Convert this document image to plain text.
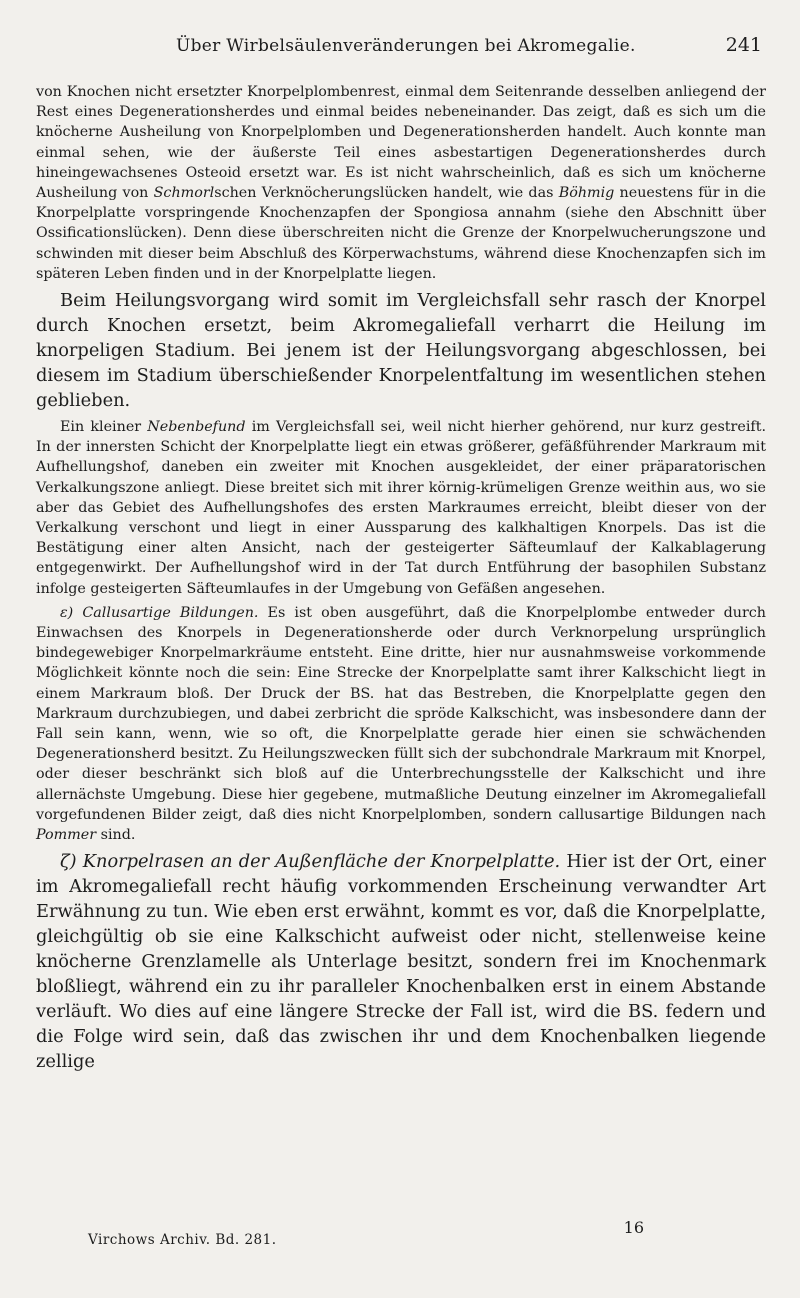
Über Wirbelsäulenveränderungen bei Akromegalie.	241

von Knochen nicht ersetzter Knorpelplombenrest, einmal dem Seitenrande desselben anliegend der Rest eines Degenerationsherdes und einmal beides nebeneinander. Das zeigt, daß es sich um die knöcherne Ausheilung von Knorpelplomben und Degenerationsherden handelt. Auch konnte man einmal sehen, wie der äußerste Teil eines asbestartigen Degenerationsherdes durch hineingewachsenes Osteoid ersetzt war. Es ist nicht wahrscheinlich, daß es sich um knöcherne Ausheilung von Schmorlschen Verknöcherungslücken handelt, wie das Böhmig neuestens für in die Knorpelplatte vorspringende Knochenzapfen der Spongiosa annahm (siehe den Abschnitt über Ossificationslücken). Denn diese überschreiten nicht die Grenze der Knorpelwucherungszone und schwinden mit dieser beim Abschluß des Körperwachstums, während diese Knochenzapfen sich im späteren Leben finden und in der Knorpelplatte liegen.

Beim Heilungsvorgang wird somit im Vergleichsfall sehr rasch der Knorpel durch Knochen ersetzt, beim Akromegaliefall verharrt die Heilung im knorpeligen Stadium. Bei jenem ist der Heilungsvorgang abgeschlossen, bei diesem im Stadium überschießender Knorpelentfaltung im wesentlichen stehen geblieben.

Ein kleiner Nebenbefund im Vergleichsfall sei, weil nicht hierher gehörend, nur kurz gestreift. In der innersten Schicht der Knorpelplatte liegt ein etwas größerer, gefäßführender Markraum mit Aufhellungshof, daneben ein zweiter mit Knochen ausgekleidet, der einer präparatorischen Verkalkungszone anliegt. Diese breitet sich mit ihrer körnig-krümeligen Grenze weithin aus, wo sie aber das Gebiet des Aufhellungshofes des ersten Markraumes erreicht, bleibt dieser von der Verkalkung verschont und liegt in einer Aussparung des kalkhaltigen Knorpels. Das ist die Bestätigung einer alten Ansicht, nach der gesteigerter Säfteumlauf der Kalkablagerung entgegenwirkt. Der Aufhellungshof wird in der Tat durch Entführung der basophilen Substanz infolge gesteigerten Säfteumlaufes in der Umgebung von Gefäßen angesehen.

ε) Callusartige Bildungen. Es ist oben ausgeführt, daß die Knorpelplombe entweder durch Einwachsen des Knorpels in Degenerationsherde oder durch Verknorpelung ursprünglich bindegewebiger Knorpelmarkräume entsteht. Eine dritte, hier nur ausnahmsweise vorkommende Möglichkeit könnte noch die sein: Eine Strecke der Knorpelplatte samt ihrer Kalkschicht liegt in einem Markraum bloß. Der Druck der BS. hat das Bestreben, die Knorpelplatte gegen den Markraum durchzubiegen, und dabei zerbricht die spröde Kalkschicht, was insbesondere dann der Fall sein kann, wenn, wie so oft, die Knorpelplatte gerade hier einen sie schwächenden Degenerationsherd besitzt. Zu Heilungszwecken füllt sich der subchondrale Markraum mit Knorpel, oder dieser beschränkt sich bloß auf die Unterbrechungsstelle der Kalkschicht und ihre allernächste Umgebung. Diese hier gegebene, mutmaßliche Deutung einzelner im Akromegaliefall vorgefundenen Bilder zeigt, daß dies nicht Knorpelplomben, sondern callusartige Bildungen nach Pommer sind.

ζ) Knorpelrasen an der Außenfläche der Knorpelplatte. Hier ist der Ort, einer im Akromegaliefall recht häufig vorkommenden Erscheinung verwandter Art Erwähnung zu tun. Wie eben erst erwähnt, kommt es vor, daß die Knorpelplatte, gleichgültig ob sie eine Kalkschicht aufweist oder nicht, stellenweise keine knöcherne Grenzlamelle als Unterlage besitzt, sondern frei im Knochenmark bloßliegt, während ein zu ihr paralleler Knochenbalken erst in einem Abstande verläuft. Wo dies auf eine längere Strecke der Fall ist, wird die BS. federn und die Folge wird sein, daß das zwischen ihr und dem Knochenbalken liegende zellige

Virchows Archiv. Bd. 281.
16
